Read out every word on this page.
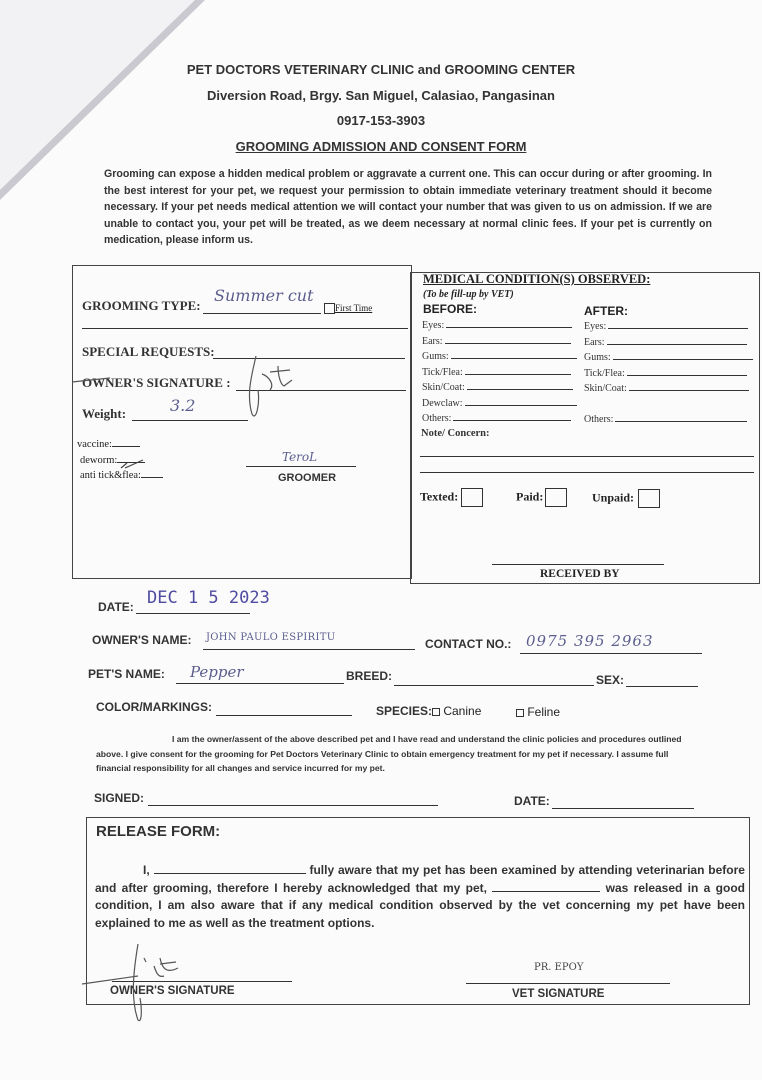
PET DOCTORS VETERINARY CLINIC and GROOMING CENTER
Diversion Road, Brgy. San Miguel, Calasiao, Pangasinan
0917-153-3903
GROOMING ADMISSION AND CONSENT FORM
Grooming can expose a hidden medical problem or aggravate a current one. This can occur during or after grooming. In the best interest for your pet, we request your permission to obtain immediate veterinary treatment should it become necessary. If your pet needs medical attention we will contact your number that was given to us on admission. If we are unable to contact you, your pet will be treated, as we deem necessary at normal clinic fees. If your pet is currently on medication, please inform us.
GROOMING TYPE:
Summer cut
First Time
SPECIAL REQUESTS:
OWNER'S SIGNATURE :
Weight:	3.2
vaccine:
deworm:
anti tick&flea:
TeroL
GROOMER
MEDICAL CONDITION(S) OBSERVED:
(To be fill-up by VET)
BEFORE:	AFTER:
Eyes:	Eyes:
Ears:	Ears:
Gums:	Gums:
Tick/Flea:	Tick/Flea:
Skin/Coat:	Skin/Coat:
Dewclaw:
Others:	Others:
Note/ Concern:
Texted:	Paid:	Unpaid:
RECEIVED BY
DATE: DEC 1 5 2023
OWNER'S NAME: JOHN PAULO ESPIRITU	CONTACT NO.: 0975 395 2963
PET'S NAME: Pepper	BREED:	SEX:
COLOR/MARKINGS:	SPECIES: Canine	Feline
I am the owner/assent of the above described pet and I have read and understand the clinic policies and procedures outlined above. I give consent for the grooming for Pet Doctors Veterinary Clinic to obtain emergency treatment for my pet if necessary. I assume full financial responsibility for all changes and service incurred for my pet.
SIGNED:	DATE:
RELEASE FORM:
I,	fully aware that my pet has been examined by attending veterinarian before and after grooming, therefore I hereby acknowledged that my pet,	was released in a good condition, I am also aware that if any medical condition observed by the vet concerning my pet have been explained to me as well as the treatment options.
OWNER'S SIGNATURE
PR. EPOY
VET SIGNATURE
